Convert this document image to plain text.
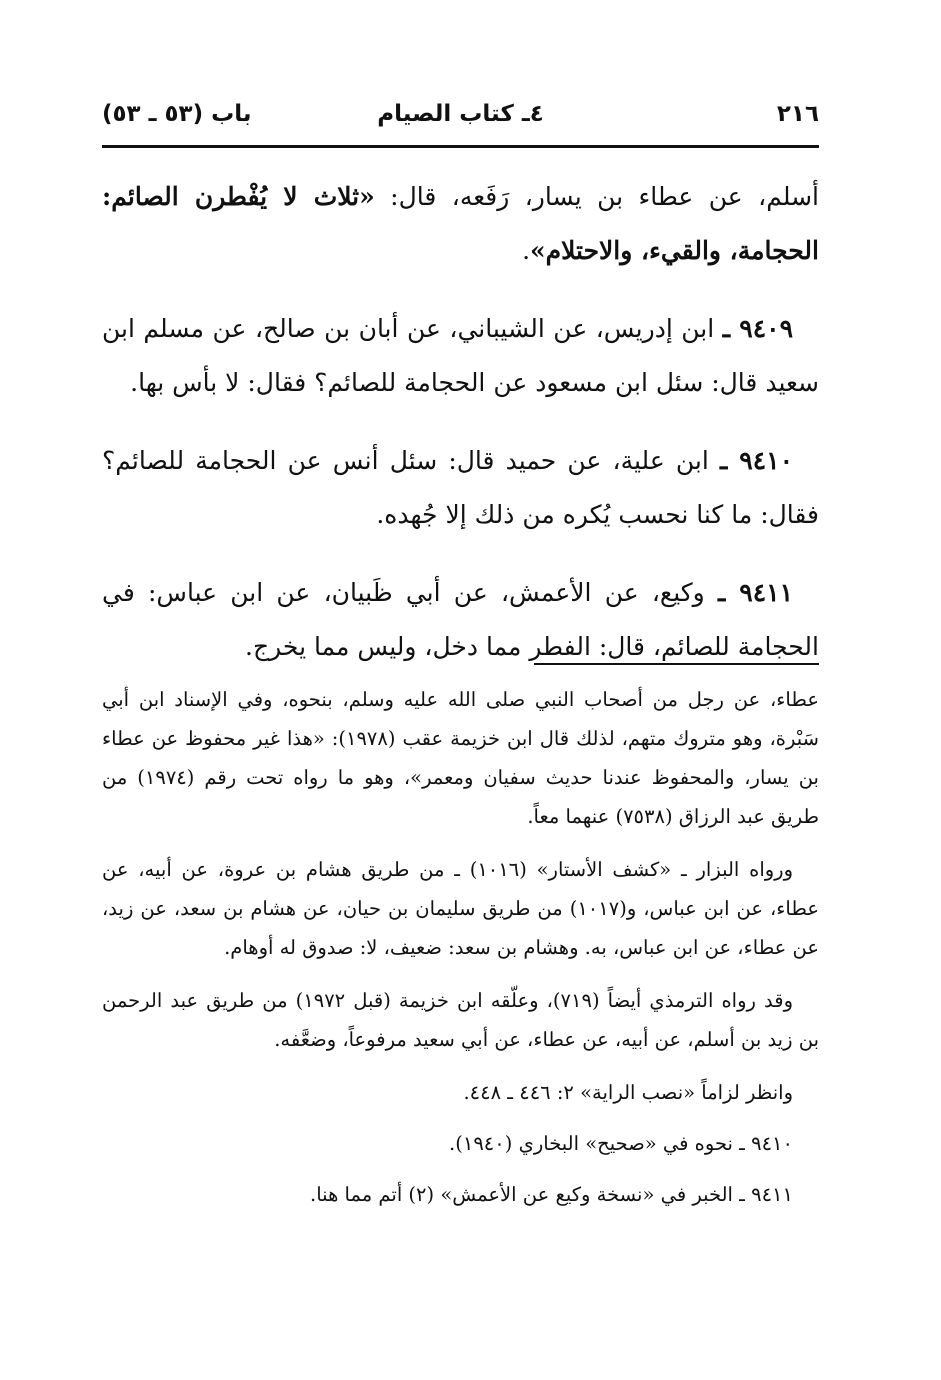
٢١٦
٤ـ كتاب الصيام
باب (٥٣ ـ ٥٣)

أسلم، عن عطاء بن يسار، رَفَعه، قال: «ثلاث لا يُفْطرن الصائم: الحجامة، والقيء، والاحتلام».

٩٤٠٩ ـ ابن إدريس، عن الشيباني، عن أبان بن صالح، عن مسلم ابن سعيد قال: سئل ابن مسعود عن الحجامة للصائم؟ فقال: لا بأس بها.

٩٤١٠ ـ ابن علية، عن حميد قال: سئل أنس عن الحجامة للصائم؟ فقال: ما كنا نحسب يُكره من ذلك إلا جُهده.

٩٤١١ ـ وكيع، عن الأعمش، عن أبي ظَبيان، عن ابن عباس: في الحجامة للصائم، قال: الفطر مما دخل، وليس مما يخرج.

عطاء، عن رجل من أصحاب النبي صلى الله عليه وسلم، بنحوه، وفي الإسناد ابن أبي سَبْرة، وهو متروك متهم، لذلك قال ابن خزيمة عقب (١٩٧٨): «هذا غير محفوظ عن عطاء بن يسار، والمحفوظ عندنا حديث سفيان ومعمر»، وهو ما رواه تحت رقم (١٩٧٤) من طريق عبد الرزاق (٧٥٣٨) عنهما معاً.

ورواه البزار ـ «كشف الأستار» (١٠١٦) ـ من طريق هشام بن عروة، عن أبيه، عن عطاء، عن ابن عباس، و(١٠١٧) من طريق سليمان بن حيان، عن هشام بن سعد، عن زيد، عن عطاء، عن ابن عباس، به. وهشام بن سعد: ضعيف، لا: صدوق له أوهام.

وقد رواه الترمذي أيضاً (٧١٩)، وعلّقه ابن خزيمة (قبل ١٩٧٢) من طريق عبد الرحمن بن زيد بن أسلم، عن أبيه، عن عطاء، عن أبي سعيد مرفوعاً، وضعَّفه.

وانظر لزاماً «نصب الراية» ٢: ٤٤٦ ـ ٤٤٨.

٩٤١٠ ـ نحوه في «صحيح» البخاري (١٩٤٠).

٩٤١١ ـ الخبر في «نسخة وكيع عن الأعمش» (٢) أتم مما هنا.
